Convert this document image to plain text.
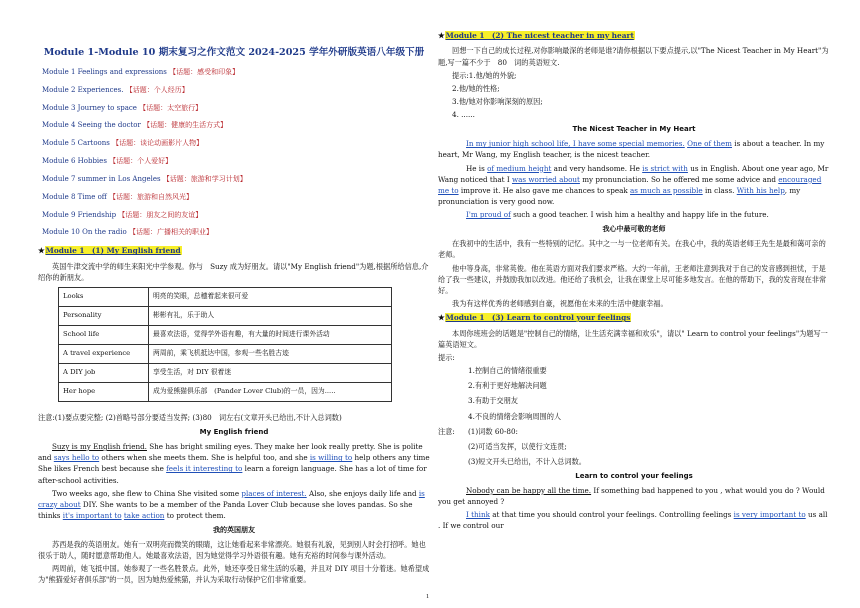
Module 1-Module 10 期末复习之作文范文 2024-2025 学年外研版英语八年级下册
Module 1 Feelings and expressions 【话题：感受和印象】
Module 2 Experiences. 【话题：个人经历】
Module 3 Journey to space 【话题：太空旅行】
Module 4 Seeing the doctor 【话题：健康的生活方式】
Module 5 Cartoons 【话题：谈论动画影片人物】
Module 6 Hobbies 【话题：个人爱好】
Module 7 summer in Los Angeles 【话题：旅游和学习计划】
Module 8 Time off 【话题：旅游和自然风光】
Module 9 Friendship 【话题：朋友之间的友谊】
Module 10 On the radio 【话题：广播相关的职业】
★Module 1　(1) My English friend

英国牛津交流中学的师生来阳光中学参观。你与　Suzy 成为好朋友。请以"My English friend"为题,根据所给信息,介绍你的新朋友。

Looks	明亮的笑眼，总穗着起来很可爱
Personality	彬彬有礼，乐于助人
School life	最喜欢法语，觉得学外语有趣，有大量的时间进行课外活动
A travel experience	两周前，乘飞机抵达中国，参观一些名胜古迹
A DIY job	享受生活，对 DIY 很着迷
Her hope	成为爱熊猫俱乐部　(Pander Lover Club)的一员，因为.....

注意:(1)要点要完整; (2)首略号部分要适当发挥; (3)80　词左右(文章开头已给出,不计入总词数)

My English friend

Suzy is my English friend. She has bright smiling eyes. They make her look really pretty. She is polite and says hello to others when she meets them. She is helpful too, and she is willing to help others any time She likes French best because she feels it interesting to learn a foreign language. She has a lot of time for after-school activities.

Two weeks ago, she flew to China She visited some places of interest. Also, she enjoys daily life and is crazy about DIY. She wants to be a member of the Panda Lover Club because she loves pandas. So she thinks it's important to take action to protect them.

我的英国朋友

苏西是我的英语朋友。她有一双明亮而微笑的眼睛，这让她看起来非常漂亮。她很有礼貌，见到别人时会打招呼。她也很乐于助人，随时愿意帮助他人。她最喜欢法语，因为她觉得学习外语很有趣。她有充裕的时间参与课外活动。

两周前，她飞抵中国。她参观了一些名胜景点。此外，她还享受日常生活的乐趣，并且对 DIY 项目十分着迷。她希望成为"熊猫爱好者俱乐部"的一员，因为她热爱熊猫，并认为采取行动保护它们非常重要。

★Module 1　(2) The nicest teacher in my heart

回想一下自己的成长过程,对你影响最深的老师是谁?请你根据以下要点提示,以"The Nicest Teacher in My Heart"为题,写一篇不少于　80　词的英语短文.

提示:1.他/她的外貌;

2.他/她的性格;

3.他/她对你影响深刻的原因;

4. ......

The Nicest Teacher in My Heart

In my junior high school life, I have some special memories. One of them is about a teacher. In my heart, Mr Wang, my English teacher, is the nicest teacher.

He is of medium height and very handsome. He is strict with us in English. About one year ago, Mr Wang noticed that I was worried about my pronunciation. So he offered me some advice and encouraged me to improve it. He also gave me chances to speak as much as possible in class. With his help, my pronunciation is very good now.

I'm proud of such a good teacher. I wish him a healthy and happy life in the future.

我心中最可敬的老师

在我初中的生活中，我有一些特别的记忆。其中之一与一位老师有关。在我心中，我的英语老师王先生是最和蔼可亲的老师。

他中等身高，非常英俊。他在英语方面对我们要求严格。大约一年前，王老师注意到我对于自己的发音感到担忧，于是给了我一些建议，并鼓励我加以改进。他还给了我机会，让我在课堂上尽可能多地发言。在他的帮助下，我的发音现在非常好。

我为有这样优秀的老师感到自豪，祝愿他在未来的生活中健康幸福。

★Module 1　(3) Learn to control your feelings

本周你班班会的话题是"控制自己的情绪，让生活充满幸福和欢乐"，请以" Learn to control your feelings"为题写一篇英语短文。

提示:

1.控制自己的情绪很重要

2.有利于更好地解决问题

3.有助于交朋友

4.不良的情绪会影响周围的人

注意:	(1)词数 60-80:

(2)可适当发挥，以使行文连贯;

(3)短文开头已给出，不计入总词数。

Learn to control your feelings

Nobody can be happy all the time. If something bad happened to you , what would you do ? Would you get annoyed ?

I think at that time you should control your feelings. Controlling feelings is very important to us all . If we control our

1
